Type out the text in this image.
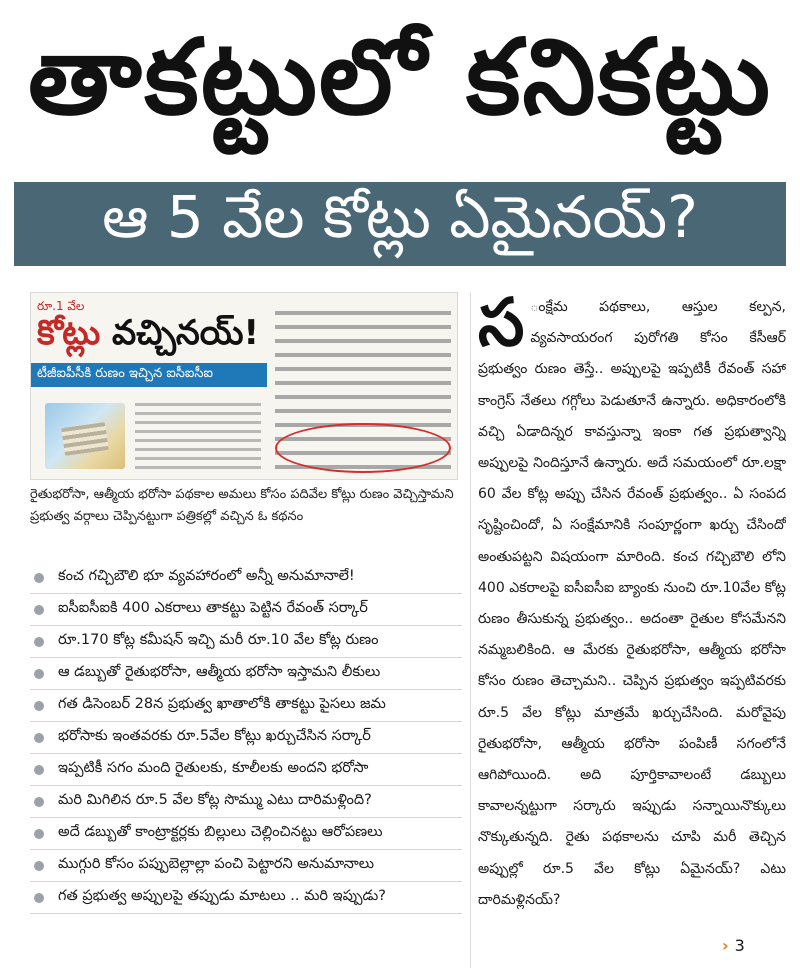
తాకట్టులో కనికట్టు
ఆ 5 వేల కోట్లు ఏమైనయ్?
రూ.1 వేల
కోట్లు వచ్చినయ్!
టీజీఐపీసీకి రుణం ఇచ్చిన ఐసీఐసీఐ
రైతుభరోసా, ఆత్మీయ భరోసా పథకాల అమలు కోసం పదివేల కోట్లు రుణం వెచ్చిస్తామని ప్రభుత్వ వర్గాలు చెప్పినట్టుగా పత్రికల్లో వచ్చిన ఓ కథనం
కంచ గచ్చిబౌలి భూ వ్యవహారంలో అన్నీ అనుమానాలే!
ఐసీఐసీఐకి 400 ఎకరాలు తాకట్టు పెట్టిన రేవంత్ సర్కార్
రూ.170 కోట్ల కమీషన్ ఇచ్చి మరీ రూ.10 వేల కోట్ల రుణం
ఆ డబ్బుతో రైతుభరోసా, ఆత్మీయ భరోసా ఇస్తామని లీకులు
గత డిసెంబర్ 28న ప్రభుత్వ ఖాతాలోకి తాకట్టు పైసలు జమ
భరోసాకు ఇంతవరకు రూ.5వేల కోట్లు ఖర్చుచేసిన సర్కార్
ఇప్పటికీ సగం మంది రైతులకు, కూలీలకు అందని భరోసా
మరి మిగిలిన రూ.5 వేల కోట్ల సొమ్ము ఎటు దారిమళ్లింది?
అదే డబ్బుతో కాంట్రాక్టర్లకు బిల్లులు చెల్లించినట్టు ఆరోపణలు
ముగ్గురి కోసం పప్పుబెల్లాల్లా పంచి పెట్టారని అనుమానాలు
గత ప్రభుత్వ అప్పులపై తప్పుడు మాటలు .. మరి ఇప్పుడు?
స ంక్షేమ పథకాలు, ఆస్తుల కల్పన, వ్యవసాయరంగ పురోగతి కోసం కేసీఆర్ ప్రభుత్వం రుణం తెస్తే.. అప్పులపై ఇప్పటికీ రేవంత్ సహా కాంగ్రెస్ నేతలు గగ్గోలు పెడుతూనే ఉన్నారు. అధికారంలోకి వచ్చి ఏడాదిన్నర కావస్తున్నా ఇంకా గత ప్రభుత్వాన్ని అప్పులపై నిందిస్తూనే ఉన్నారు. అదే సమయంలో రూ.లక్షా 60 వేల కోట్ల అప్పు చేసిన రేవంత్ ప్రభుత్వం.. ఏ సంపద సృష్టించిందో, ఏ సంక్షేమానికి సంపూర్ణంగా ఖర్చు చేసిందో అంతుపట్టని విషయంగా మారింది. కంచ గచ్చిబౌలి లోని 400 ఎకరాలపై ఐసీఐసీఐ బ్యాంకు నుంచి రూ.10వేల కోట్ల రుణం తీసుకున్న ప్రభుత్వం.. అదంతా రైతుల కోసమేనని నమ్మబలికింది. ఆ మేరకు రైతుభరోసా, ఆత్మీయ భరోసా కోసం రుణం తెచ్చామని.. చెప్పిన ప్రభుత్వం ఇప్పటివరకు రూ.5 వేల కోట్లు మాత్రమే ఖర్చుచేసింది. మరోవైపు రైతుభరోసా, ఆత్మీయ భరోసా పంపిణీ సగంలోనే ఆగిపోయింది. అది పూర్తికావాలంటే డబ్బులు కావాలన్నట్టుగా సర్కారు ఇప్పుడు సన్నాయినొక్కులు నొక్కుతున్నది. రైతు పథకాలను చూపి మరీ తెచ్చిన అప్పుల్లో రూ.5 వేల కోట్లు ఏమైనయ్? ఎటు దారిమళ్లినయ్?
› 3
